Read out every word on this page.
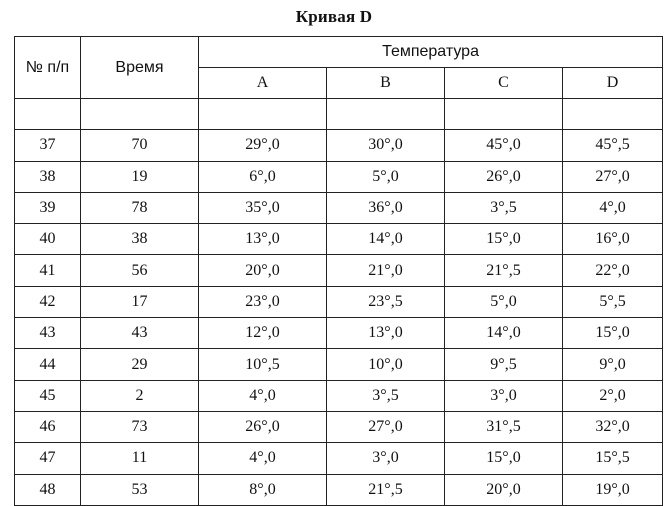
Кривая D
№ п/п	Время	Температура			
		A	B	C	D

37	70	29°,0	30°,0	45°,0	45°,5
38	19	6°,0	5°,0	26°,0	27°,0
39	78	35°,0	36°,0	3°,5	4°,0
40	38	13°,0	14°,0	15°,0	16°,0
41	56	20°,0	21°,0	21°,5	22°,0
42	17	23°,0	23°,5	5°,0	5°,5
43	43	12°,0	13°,0	14°,0	15°,0
44	29	10°,5	10°,0	9°,5	9°,0
45	2	4°,0	3°,5	3°,0	2°,0
46	73	26°,0	27°,0	31°,5	32°,0
47	11	4°,0	3°,0	15°,0	15°,5
48	53	8°,0	21°,5	20°,0	19°,0
